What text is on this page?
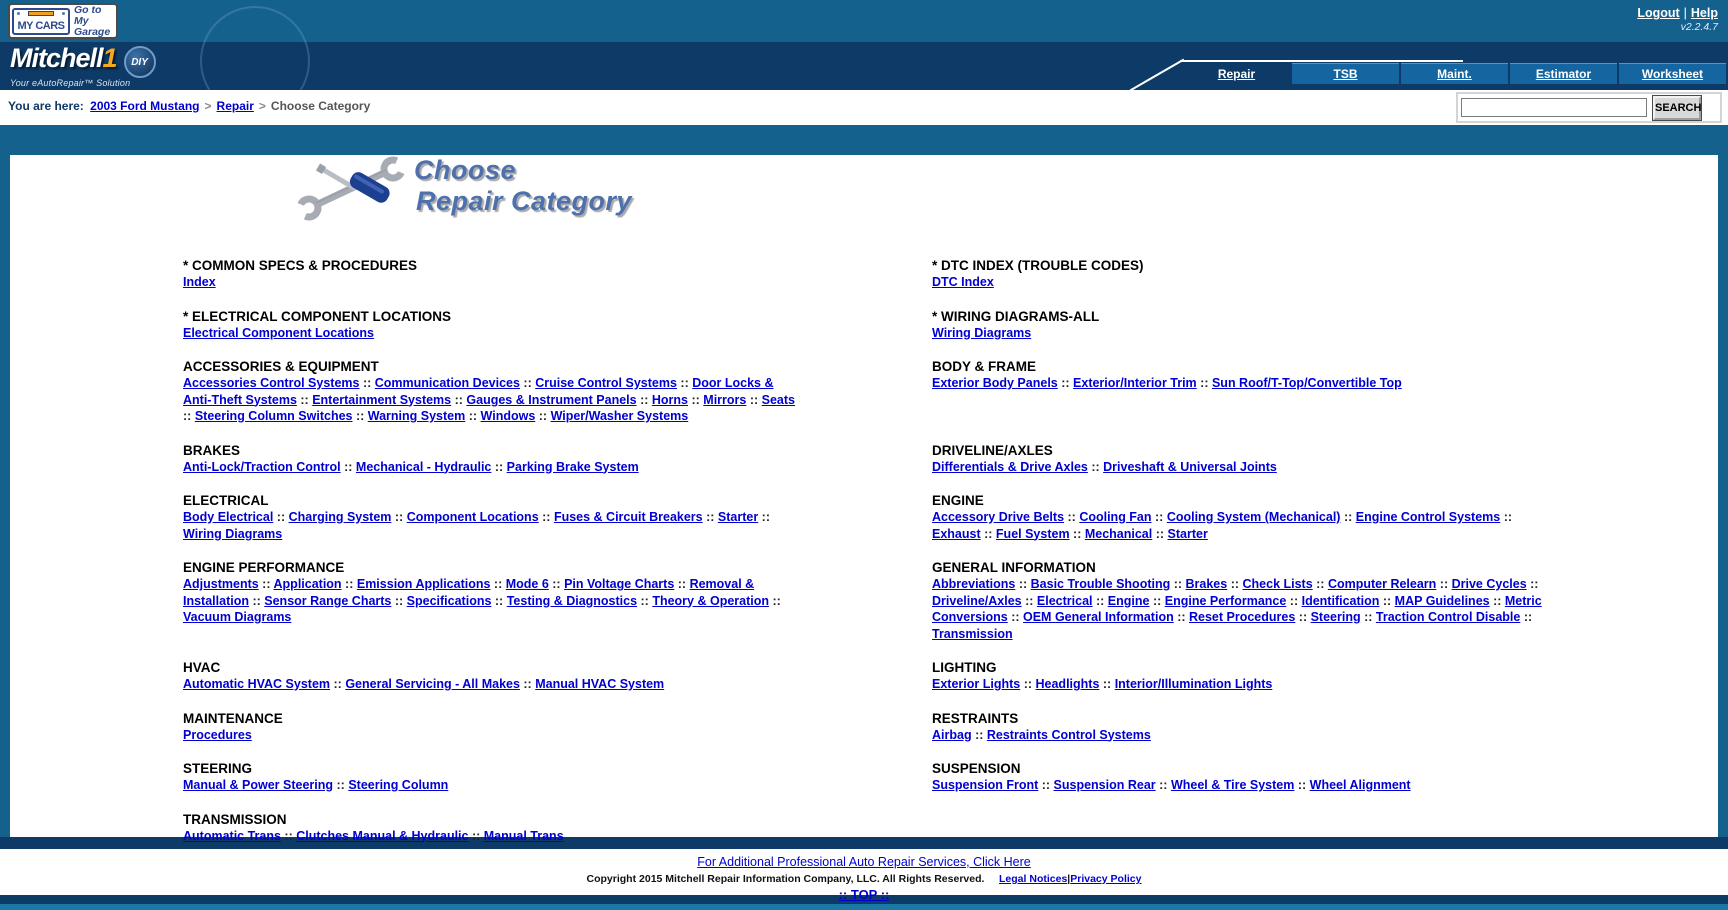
MY CARS
Go to My Garage
Logout | Help
v2.2.4.7
Mitchell 1	DIY
Your eAutoRepair™ Solution
Repair	TSB	Maint.	Estimator	Worksheet
You are here: 2003 Ford Mustang > Repair > Choose Category	SEARCH
Choose
Repair Category
* COMMON SPECS & PROCEDURES
Index
* DTC INDEX (TROUBLE CODES)
DTC Index
* ELECTRICAL COMPONENT LOCATIONS
Electrical Component Locations
* WIRING DIAGRAMS-ALL
Wiring Diagrams
ACCESSORIES & EQUIPMENT
Accessories Control Systems :: Communication Devices :: Cruise Control Systems :: Door Locks & Anti-Theft Systems :: Entertainment Systems :: Gauges & Instrument Panels :: Horns :: Mirrors :: Seats :: Steering Column Switches :: Warning System :: Windows :: Wiper/Washer Systems
BODY & FRAME
Exterior Body Panels :: Exterior/Interior Trim :: Sun Roof/T-Top/Convertible Top
BRAKES
Anti-Lock/Traction Control :: Mechanical - Hydraulic :: Parking Brake System
DRIVELINE/AXLES
Differentials & Drive Axles :: Driveshaft & Universal Joints
ELECTRICAL
Body Electrical :: Charging System :: Component Locations :: Fuses & Circuit Breakers :: Starter :: Wiring Diagrams
ENGINE
Accessory Drive Belts :: Cooling Fan :: Cooling System (Mechanical) :: Engine Control Systems :: Exhaust :: Fuel System :: Mechanical :: Starter
ENGINE PERFORMANCE
Adjustments :: Application :: Emission Applications :: Mode 6 :: Pin Voltage Charts :: Removal & Installation :: Sensor Range Charts :: Specifications :: Testing & Diagnostics :: Theory & Operation :: Vacuum Diagrams
GENERAL INFORMATION
Abbreviations :: Basic Trouble Shooting :: Brakes :: Check Lists :: Computer Relearn :: Drive Cycles :: Driveline/Axles :: Electrical :: Engine :: Engine Performance :: Identification :: MAP Guidelines :: Metric Conversions :: OEM General Information :: Reset Procedures :: Steering :: Traction Control Disable :: Transmission
HVAC
Automatic HVAC System :: General Servicing - All Makes :: Manual HVAC System
LIGHTING
Exterior Lights :: Headlights :: Interior/Illumination Lights
MAINTENANCE
Procedures
RESTRAINTS
Airbag :: Restraints Control Systems
STEERING
Manual & Power Steering :: Steering Column
SUSPENSION
Suspension Front :: Suspension Rear :: Wheel & Tire System :: Wheel Alignment
TRANSMISSION
Automatic Trans :: Clutches Manual & Hydraulic :: Manual Trans
For Additional Professional Auto Repair Services, Click Here
Copyright 2015 Mitchell Repair Information Company, LLC. All Rights Reserved. Legal Notices|Privacy Policy
:: TOP ::
